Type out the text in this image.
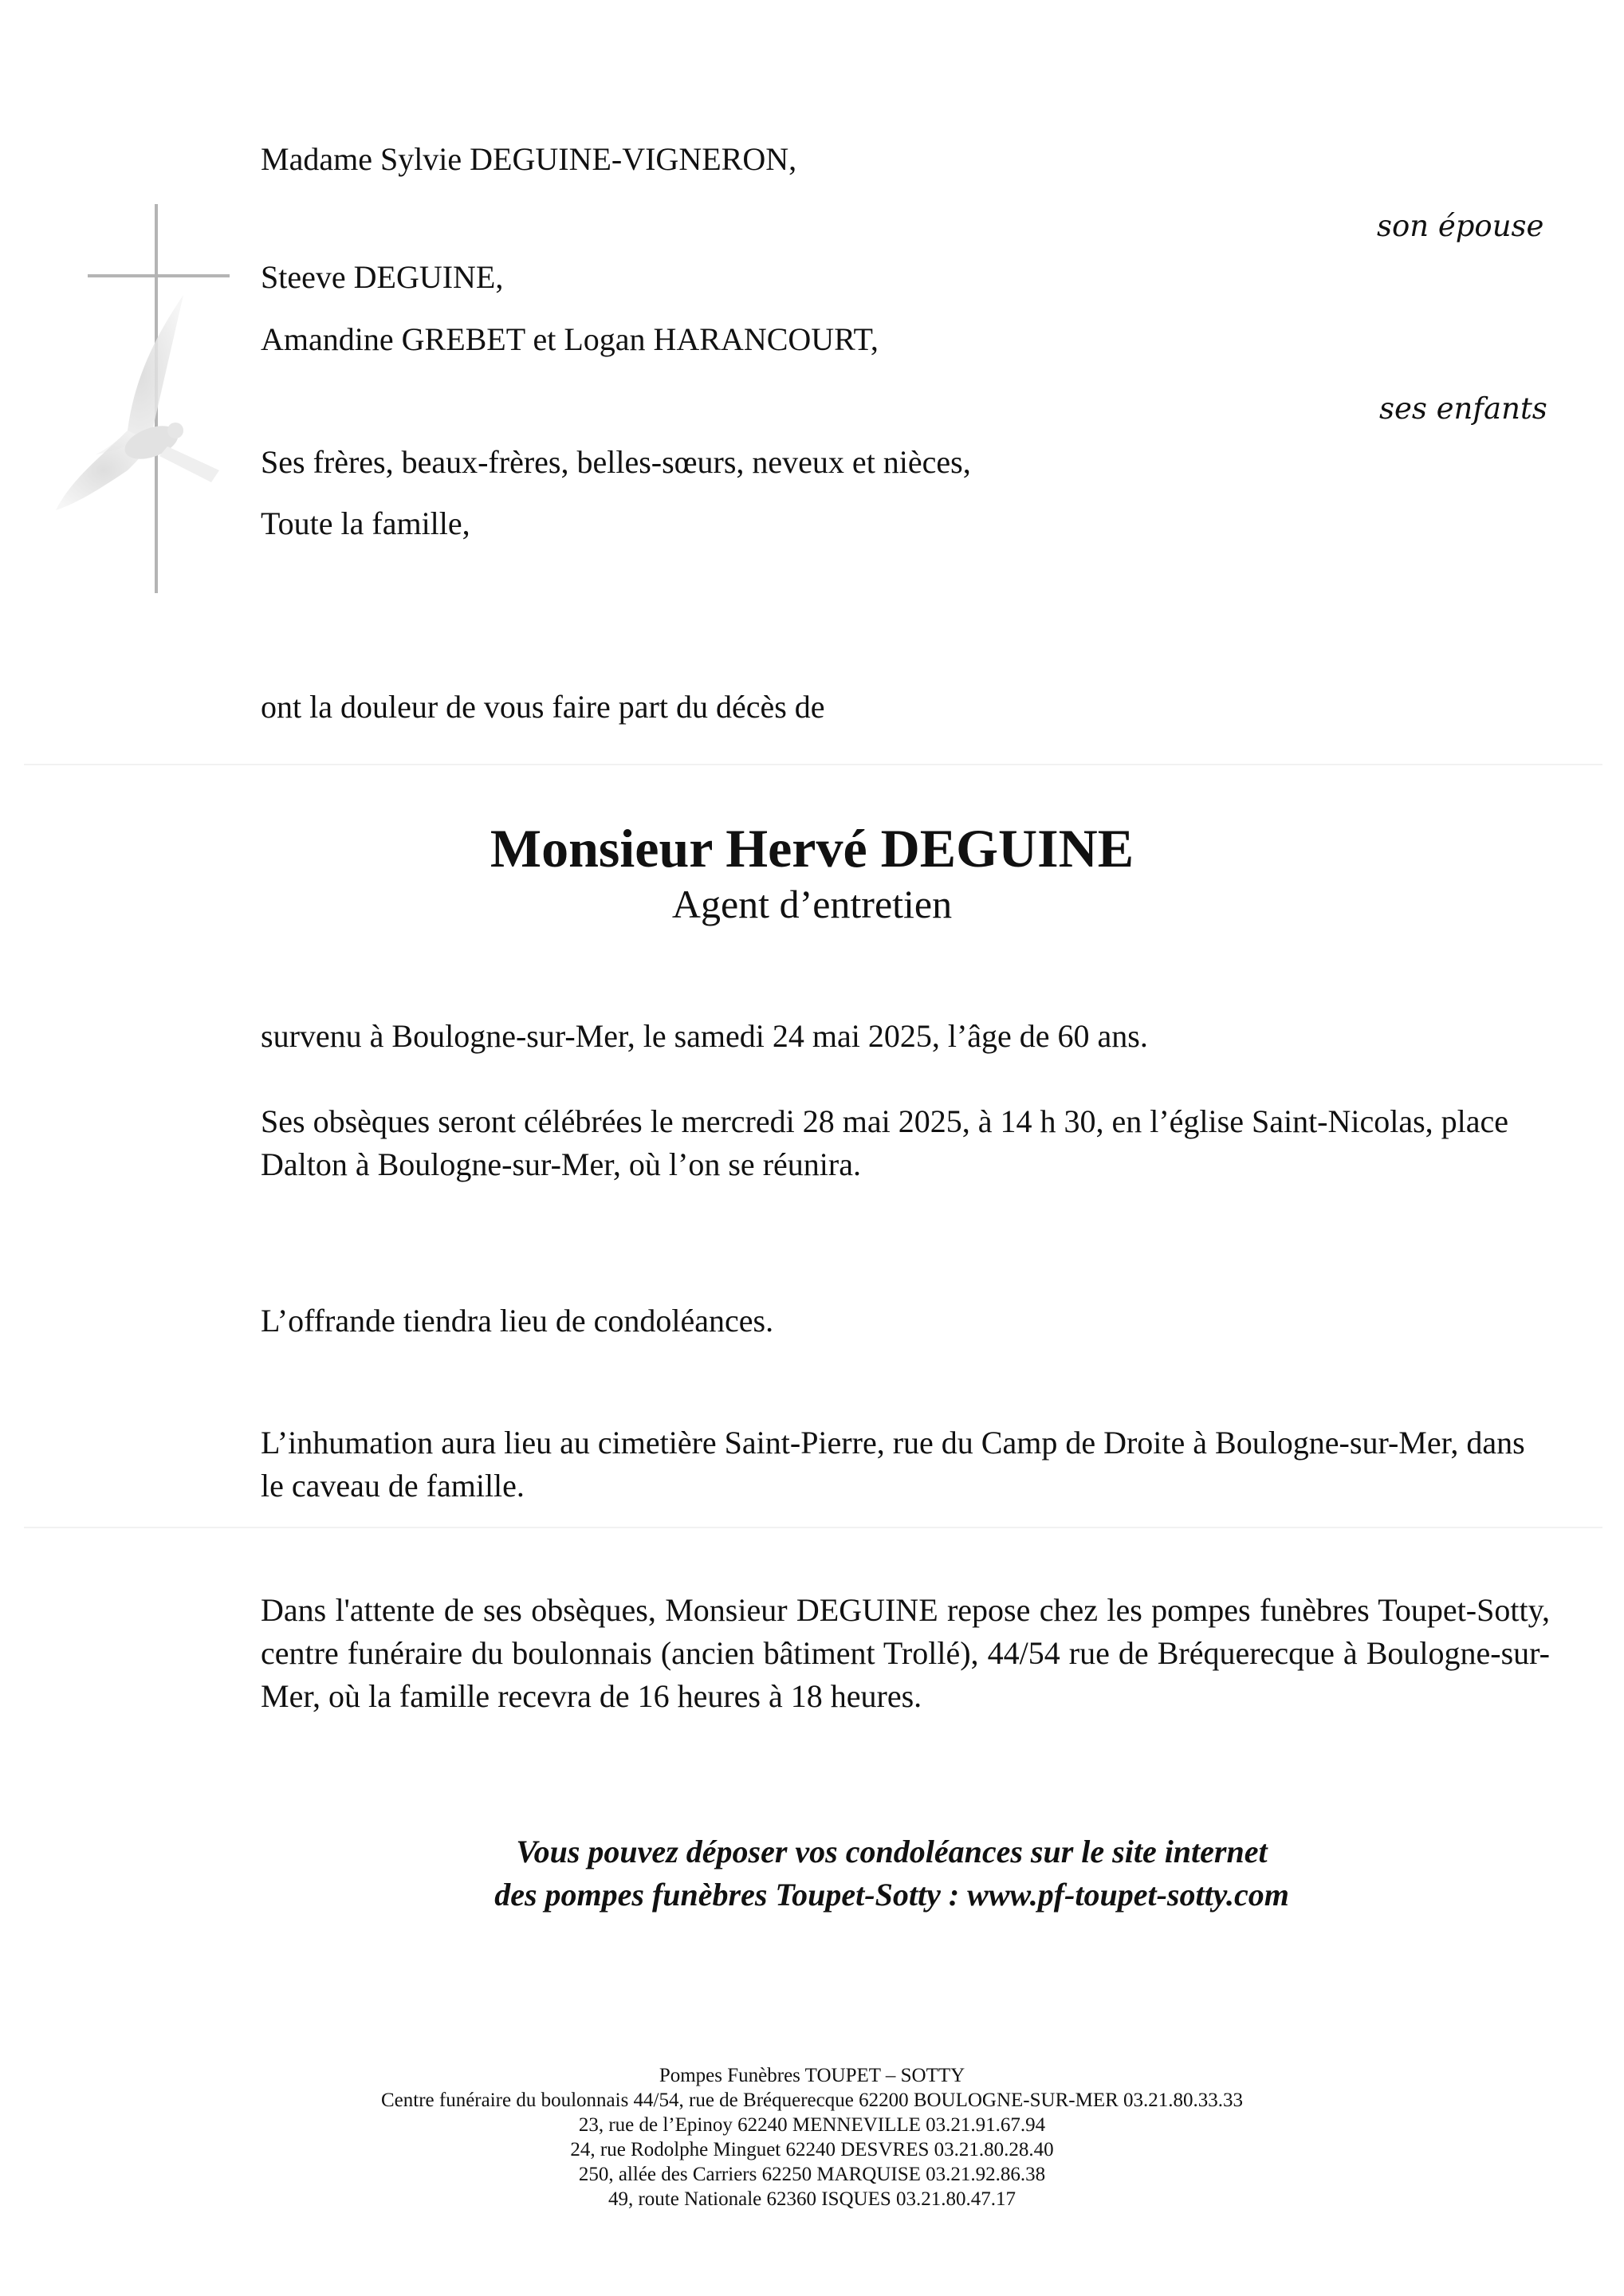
Madame Sylvie DEGUINE-VIGNERON,
son épouse
Steeve DEGUINE,
Amandine GREBET et Logan HARANCOURT,
ses enfants
Ses frères, beaux-frères, belles-sœurs, neveux et nièces,
Toute la famille,
ont la douleur de vous faire part du décès de
Monsieur Hervé DEGUINE
Agent d’entretien
survenu à Boulogne-sur-Mer, le samedi 24 mai 2025, l’âge de 60 ans.
Ses obsèques seront célébrées le mercredi 28 mai 2025, à 14 h 30, en l’église Saint-Nicolas, place Dalton à Boulogne-sur-Mer, où l’on se réunira.
L’offrande tiendra lieu de condoléances.
L’inhumation aura lieu au cimetière Saint-Pierre, rue du Camp de Droite à Boulogne-sur-Mer, dans le caveau de famille.
Dans l'attente de ses obsèques, Monsieur DEGUINE repose chez les pompes funèbres Toupet-Sotty, centre funéraire du boulonnais (ancien bâtiment Trollé), 44/54 rue de Bréquerecque à Boulogne-sur-Mer, où la famille recevra de 16 heures à 18 heures.
Vous pouvez déposer vos condoléances sur le site internet
des pompes funèbres Toupet-Sotty : www.pf-toupet-sotty.com
Pompes Funèbres TOUPET – SOTTY
Centre funéraire du boulonnais 44/54, rue de Bréquerecque 62200 BOULOGNE-SUR-MER 03.21.80.33.33
23, rue de l’Epinoy 62240 MENNEVILLE 03.21.91.67.94
24, rue Rodolphe Minguet 62240 DESVRES 03.21.80.28.40
250, allée des Carriers 62250 MARQUISE 03.21.92.86.38
49, route Nationale 62360 ISQUES 03.21.80.47.17
